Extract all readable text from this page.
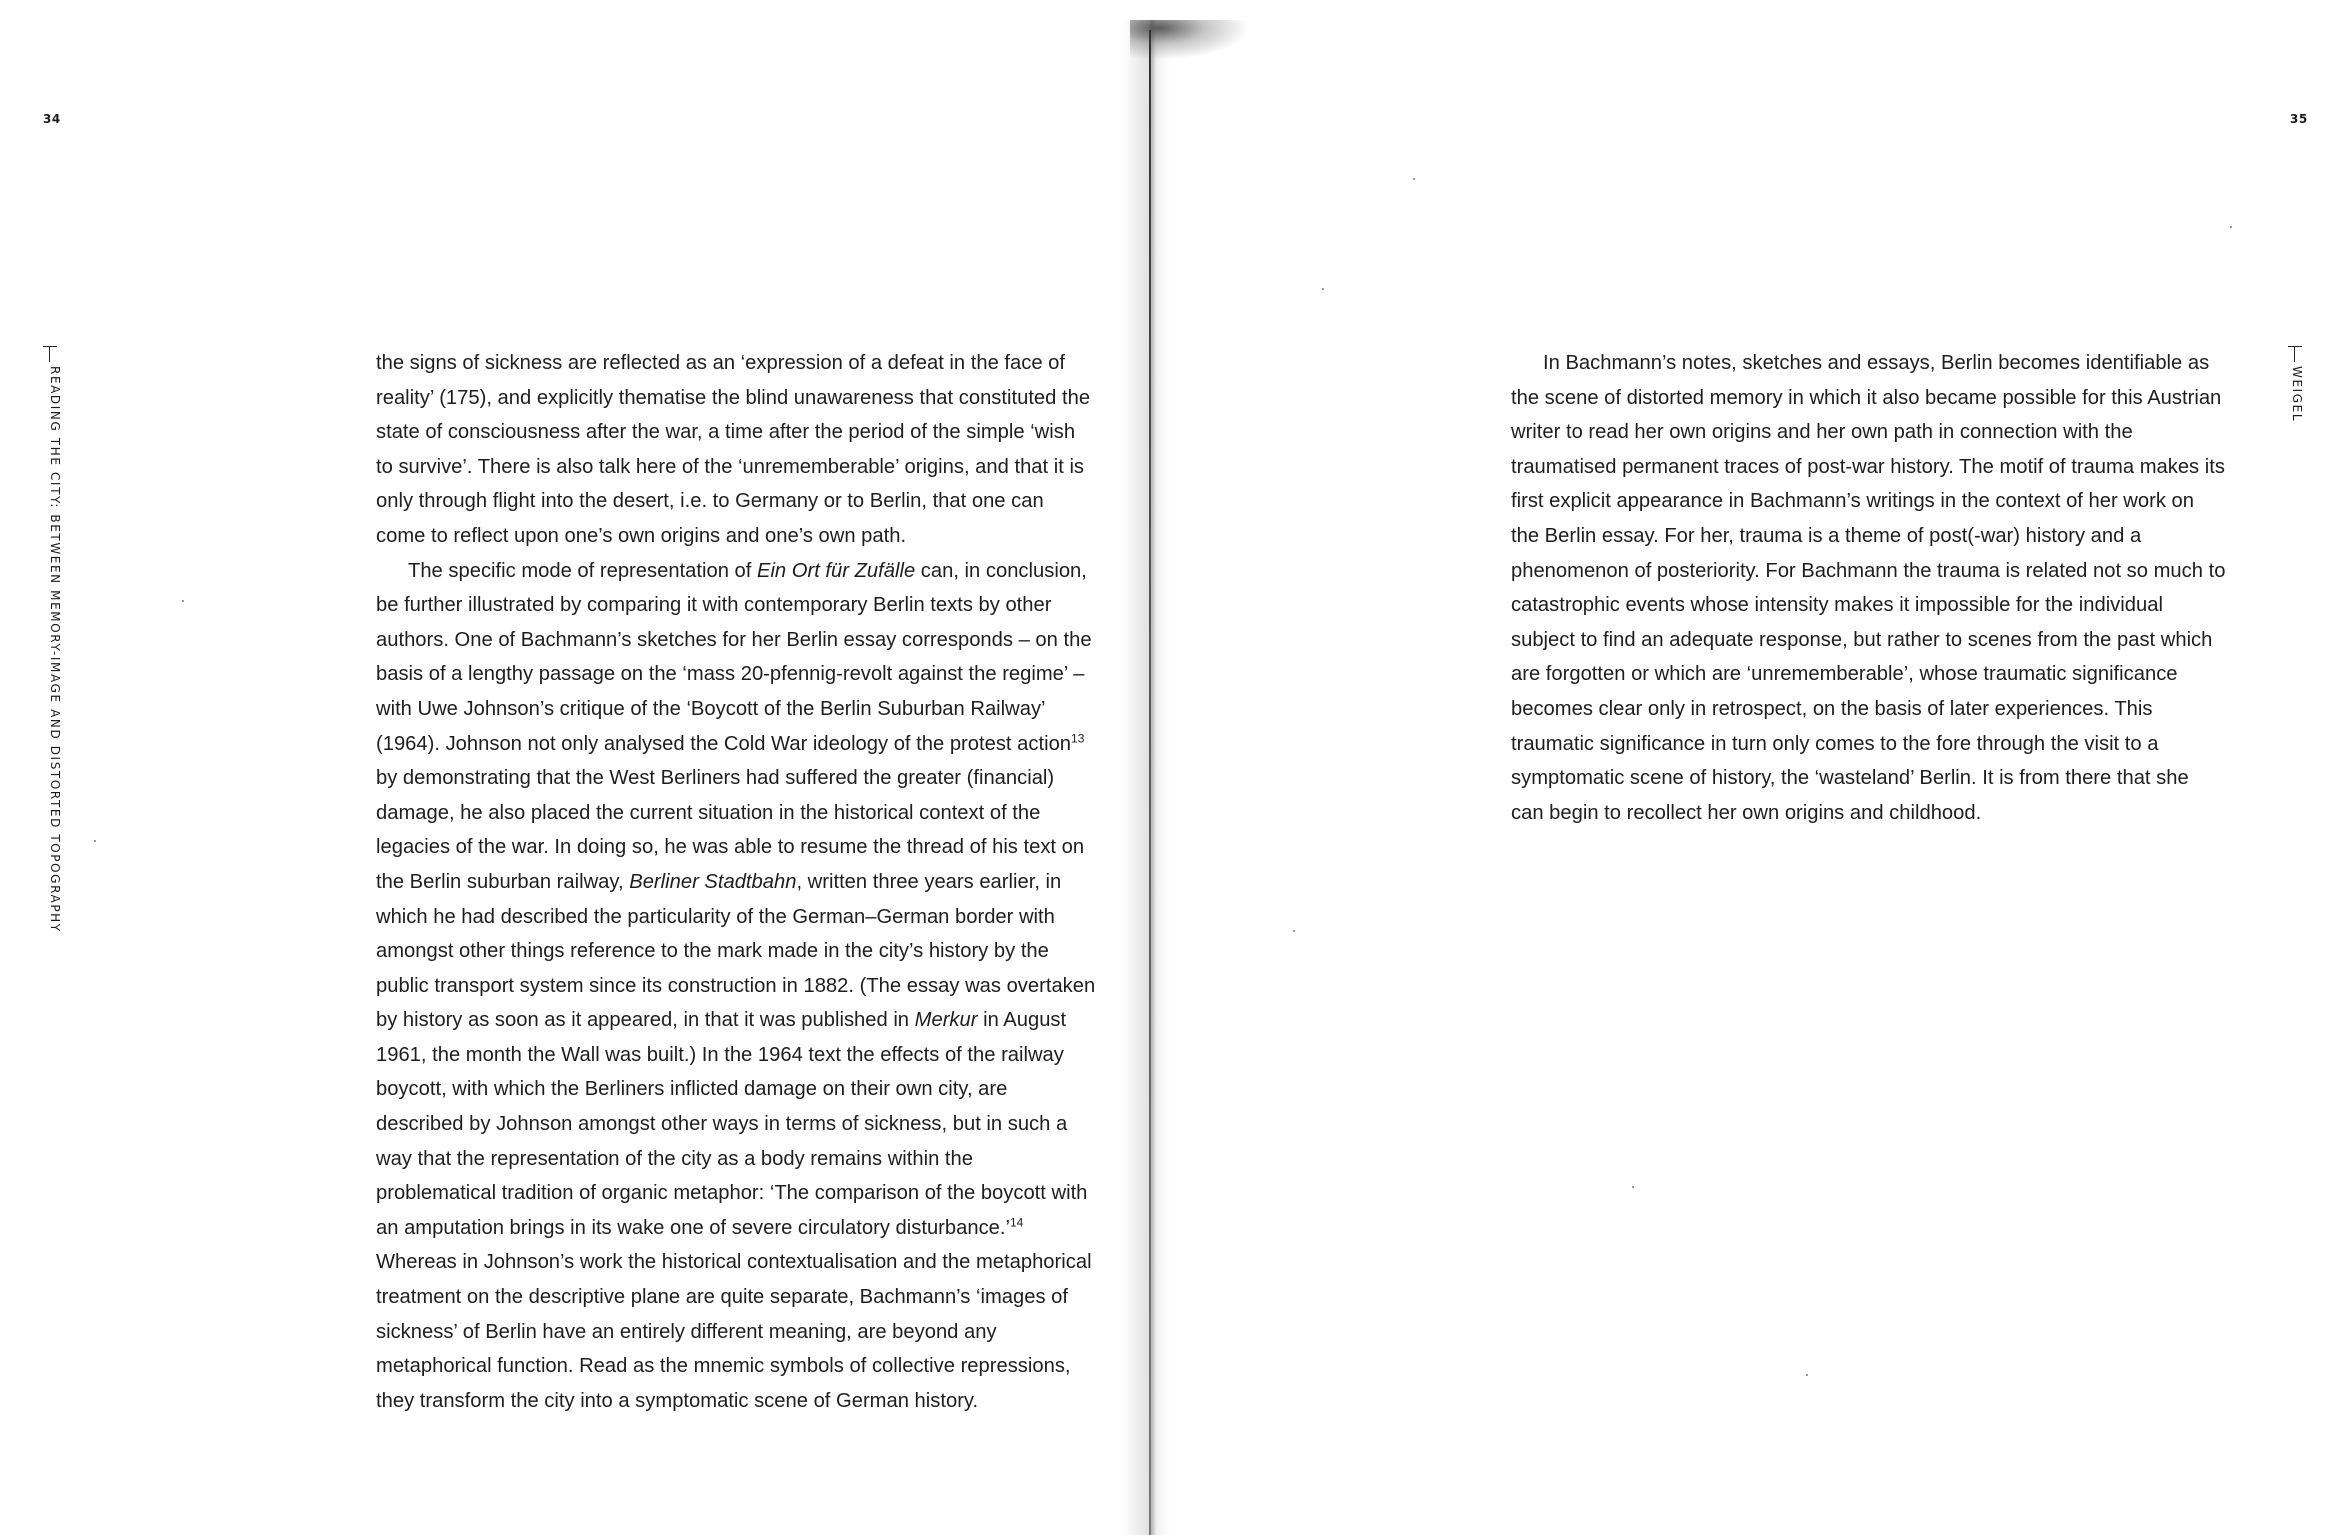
34	35
READING THE CITY: BETWEEN MEMORY-IMAGE AND DISTORTED TOPOGRAPHY	WEIGEL

the signs of sickness are reflected as an ‘expression of a defeat in the face of reality’ (175), and explicitly thematise the blind unawareness that constituted the state of consciousness after the war, a time after the period of the simple ‘wish to survive’. There is also talk here of the ‘unrememberable’ origins, and that it is only through flight into the desert, i.e. to Germany or to Berlin, that one can come to reflect upon one’s own origins and one’s own path.

The specific mode of representation of Ein Ort für Zufälle can, in conclusion, be further illustrated by comparing it with contemporary Berlin texts by other authors. One of Bachmann’s sketches for her Berlin essay corresponds – on the basis of a lengthy passage on the ‘mass 20-pfennig-revolt against the regime’ – with Uwe Johnson’s critique of the ‘Boycott of the Berlin Suburban Railway’ (1964). Johnson not only analysed the Cold War ideology of the protest action$^{13}$ by demonstrating that the West Berliners had suffered the greater (financial) damage, he also placed the current situation in the historical context of the legacies of the war. In doing so, he was able to resume the thread of his text on the Berlin suburban railway, Berliner Stadtbahn, written three years earlier, in which he had described the particularity of the German–German border with amongst other things reference to the mark made in the city’s history by the public transport system since its construction in 1882. (The essay was overtaken by history as soon as it appeared, in that it was published in Merkur in August 1961, the month the Wall was built.) In the 1964 text the effects of the railway boycott, with which the Berliners inflicted damage on their own city, are described by Johnson amongst other ways in terms of sickness, but in such a way that the representation of the city as a body remains within the problematical tradition of organic metaphor: ‘The comparison of the boycott with an amputation brings in its wake one of severe circulatory disturbance.’$^{14}$ Whereas in Johnson’s work the historical contextualisation and the metaphorical treatment on the descriptive plane are quite separate, Bachmann’s ‘images of sickness’ of Berlin have an entirely different meaning, are beyond any metaphorical function. Read as the mnemic symbols of collective repressions, they transform the city into a symptomatic scene of German history.

In Bachmann’s notes, sketches and essays, Berlin becomes identifiable as the scene of distorted memory in which it also became possible for this Austrian writer to read her own origins and her own path in connection with the traumatised permanent traces of post-war history. The motif of trauma makes its first explicit appearance in Bachmann’s writings in the context of her work on the Berlin essay. For her, trauma is a theme of post(-war) history and a phenomenon of posteriority. For Bachmann the trauma is related not so much to catastrophic events whose intensity makes it impossible for the individual subject to find an adequate response, but rather to scenes from the past which are forgotten or which are ‘unrememberable’, whose traumatic significance becomes clear only in retrospect, on the basis of later experiences. This traumatic significance in turn only comes to the fore through the visit to a symptomatic scene of history, the ‘wasteland’ Berlin. It is from there that she can begin to recollect her own origins and childhood.
